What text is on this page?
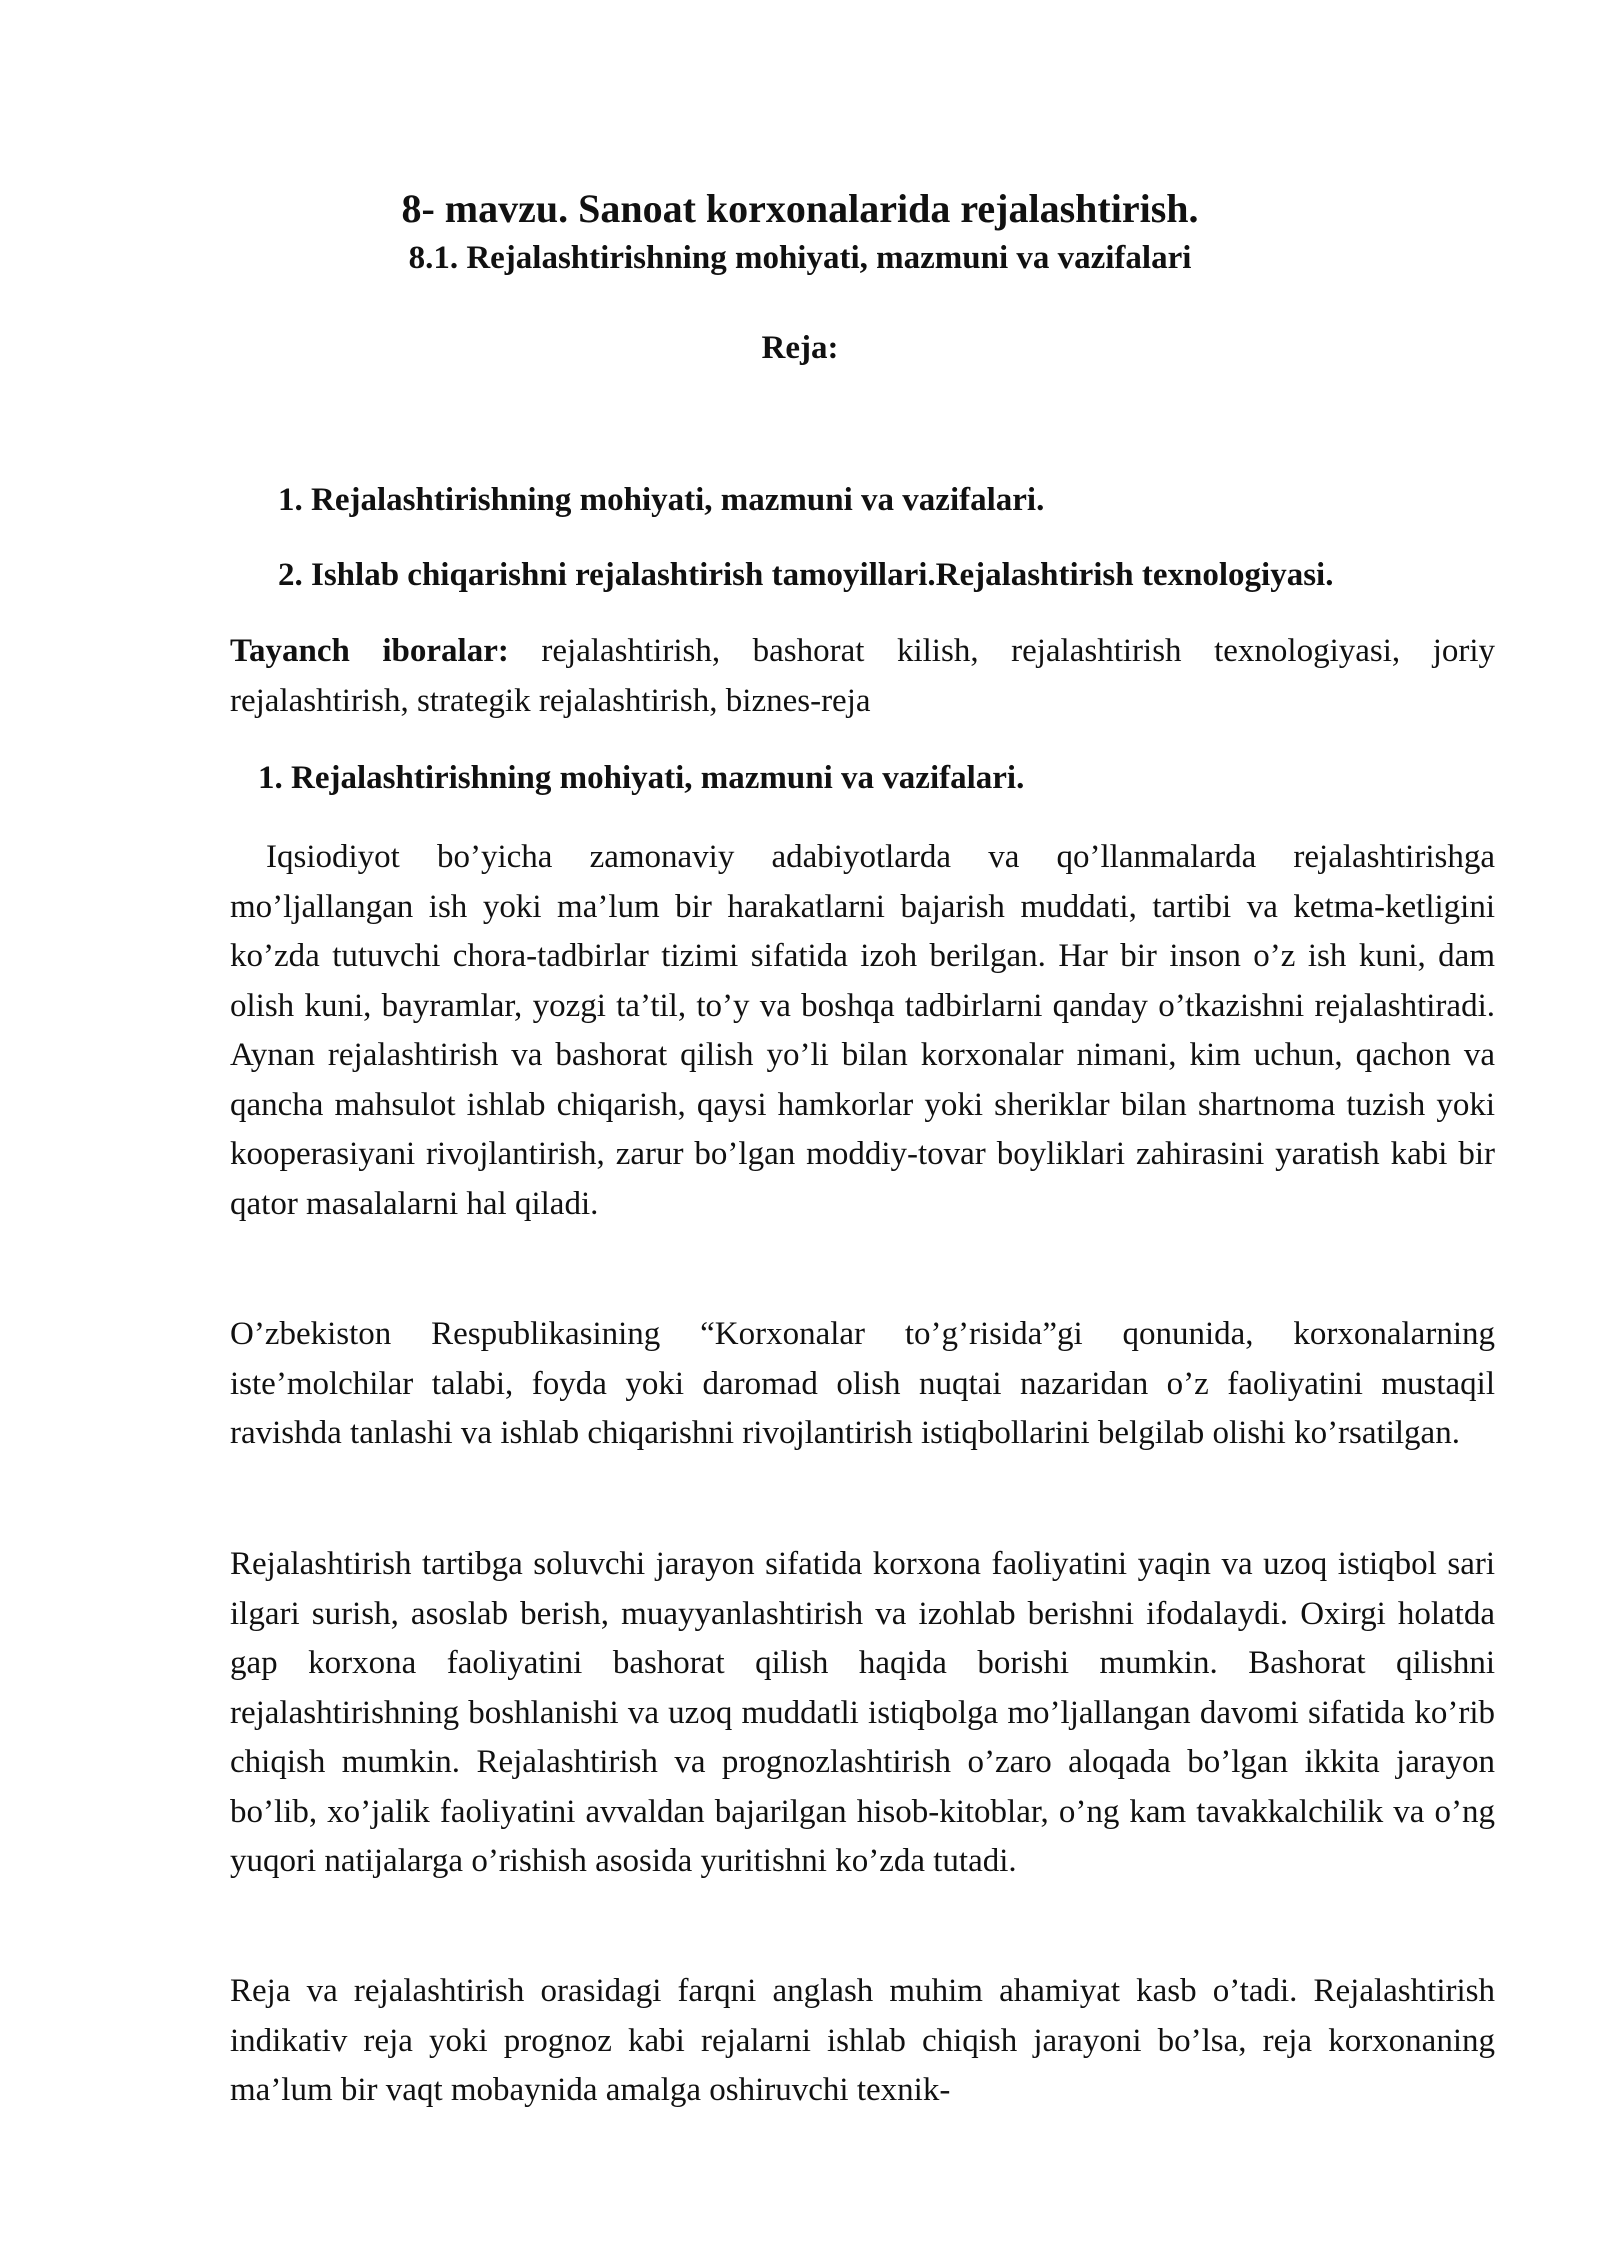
8- mavzu. Sanoat korxonalarida rejalashtirish.
8.1. Rejalashtirishning mohiyati, mazmuni va vazifalari
Reja:

1. Rejalashtirishning mohiyati, mazmuni va vazifalari.

2. Ishlab chiqarishni rejalashtirish tamoyillari.Rejalashtirish texnologiyasi.

Tayanch iboralar: rejalashtirish, bashorat kilish, rejalashtirish texnologiyasi, joriy rejalashtirish, strategik rejalashtirish, biznes-reja

1. Rejalashtirishning mohiyati, mazmuni va vazifalari.

Iqsiodiyot bo’yicha zamonaviy adabiyotlarda va qo’llanmalarda rejalashtirishga mo’ljallangan ish yoki ma’lum bir harakatlarni bajarish muddati, tartibi va ketma-ketligini ko’zda tutuvchi chora-tadbirlar tizimi sifatida izoh berilgan. Har bir inson o’z ish kuni, dam olish kuni, bayramlar, yozgi ta’til, to’y va boshqa tadbirlarni qanday o’tkazishni rejalashtiradi. Aynan rejalashtirish va bashorat qilish yo’li bilan korxonalar nimani, kim uchun, qachon va qancha mahsulot ishlab chiqarish, qaysi hamkorlar yoki sheriklar bilan shartnoma tuzish yoki kooperasiyani rivojlantirish, zarur bo’lgan moddiy-tovar boyliklari zahirasini yaratish kabi bir qator masalalarni hal qiladi.

O’zbekiston Respublikasining “Korxonalar to’g’risida”gi qonunida, korxonalarning iste’molchilar talabi, foyda yoki daromad olish nuqtai nazaridan o’z faoliyatini mustaqil ravishda tanlashi va ishlab chiqarishni rivojlantirish istiqbollarini belgilab olishi ko’rsatilgan.

Rejalashtirish tartibga soluvchi jarayon sifatida korxona faoliyatini yaqin va uzoq istiqbol sari ilgari surish, asoslab berish, muayyanlashtirish va izohlab berishni ifodalaydi. Oxirgi holatda gap korxona faoliyatini bashorat qilish haqida borishi mumkin. Bashorat qilishni rejalashtirishning boshlanishi va uzoq muddatli istiqbolga mo’ljallangan davomi sifatida ko’rib chiqish mumkin. Rejalashtirish va prognozlashtirish o’zaro aloqada bo’lgan ikkita jarayon bo’lib, xo’jalik faoliyatini avvaldan bajarilgan hisob-kitoblar, o’ng kam tavakkalchilik va o’ng yuqori natijalarga o’rishish asosida yuritishni ko’zda tutadi.

Reja va rejalashtirish orasidagi farqni anglash muhim ahamiyat kasb o’tadi. Rejalashtirish indikativ reja yoki prognoz kabi rejalarni ishlab chiqish jarayoni bo’lsa, reja korxonaning ma’lum bir vaqt mobaynida amalga oshiruvchi texnik-
